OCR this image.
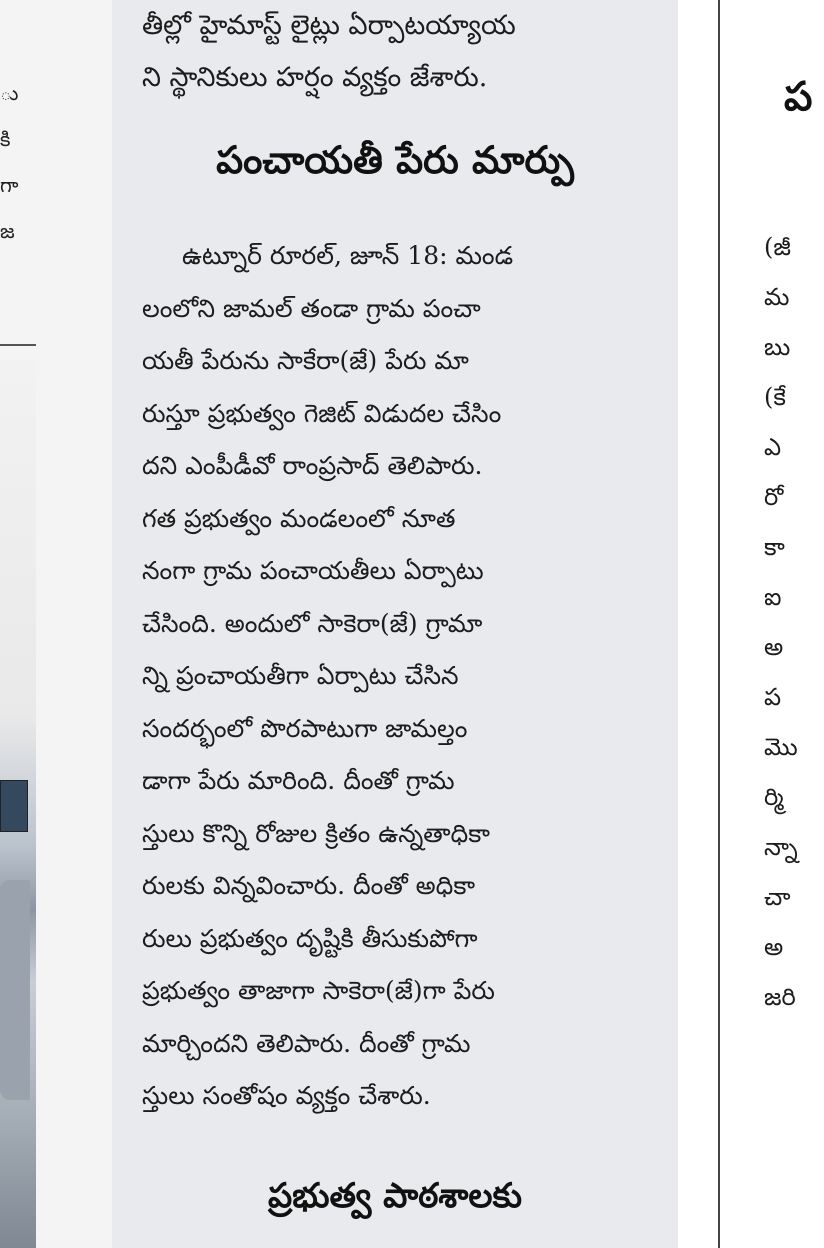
ు
కి
గా
జ
తీల్లో హైమాస్ట్ లైట్లు ఏర్పాటయ్యాయ
ని స్థానికులు హర్షం వ్యక్తం జేశారు.
పంచాయతీ పేరు మార్పు
ఉట్నూర్ రూరల్, జూన్ 18: మండ
లంలోని జామల్ తండా గ్రామ పంచా
యతీ పేరును సాకేరా(జే) పేరు మా
రుస్తూ ప్రభుత్వం గెజిట్ విడుదల చేసిం
దని ఎంపీడీవో రాంప్రసాద్ తెలిపారు.
గత ప్రభుత్వం మండలంలో నూత
నంగా గ్రామ పంచాయతీలు ఏర్పాటు
చేసింది. అందులో సాకెరా(జే) గ్రామా
న్ని ప్రంచాయతీగా ఏర్పాటు చేసిన
సందర్భంలో పొరపాటుగా జామల్తం
డాగా పేరు మారింది. దీంతో గ్రామ
స్తులు కొన్ని రోజుల క్రితం ఉన్నతాధికా
రులకు విన్నవించారు. దీంతో అధికా
రులు ప్రభుత్వం దృష్టికి తీసుకుపోగా
ప్రభుత్వం తాజాగా సాకెరా(జే)గా పేరు
మార్చిందని తెలిపారు. దీంతో గ్రామ
స్తులు సంతోషం వ్యక్తం చేశారు.
ప్రభుత్వ పాఠశాలకు
ప
(జీ
మ
బు
(కే
ఎ
రో
కా
ఐ
అ
ప
మొ
ర్మి
న్నా
చా
అ
జరి
